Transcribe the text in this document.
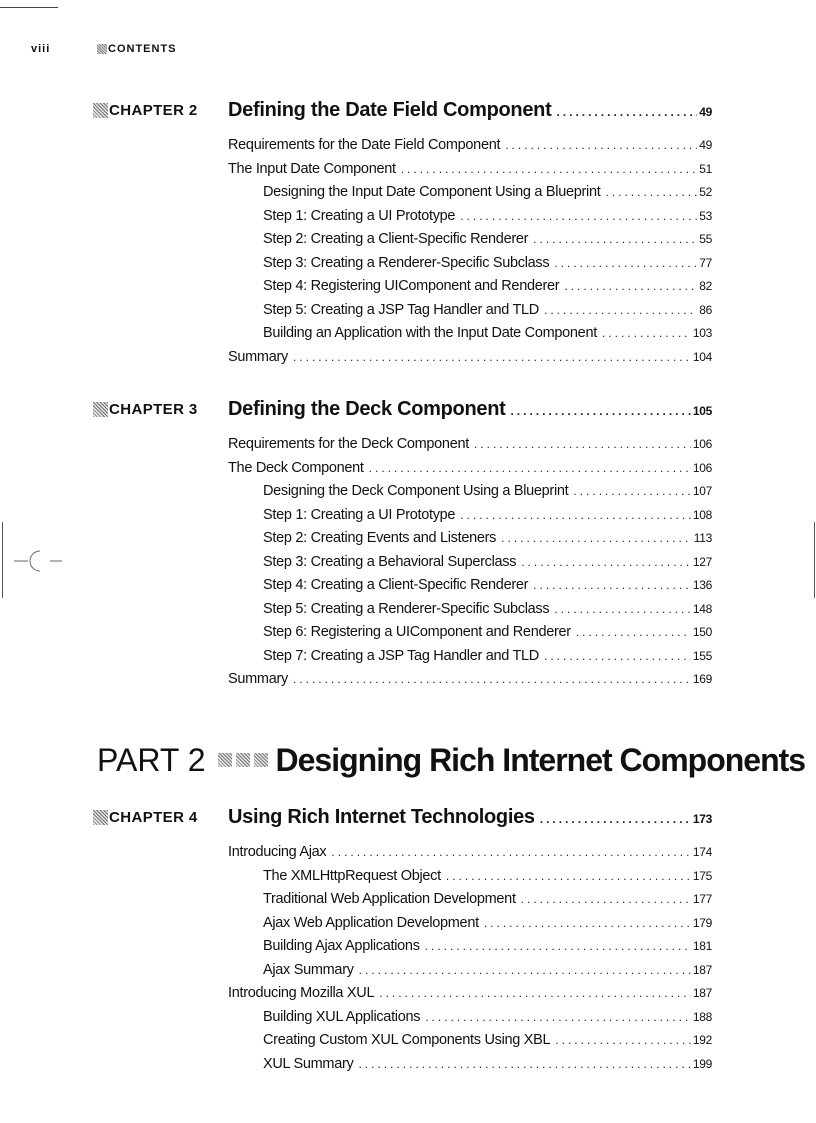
viii	CONTENTS
CHAPTER 2 Defining the Date Field Component .....	49
Requirements for the Date Field Component .....	49
The Input Date Component .....	51
Designing the Input Date Component Using a Blueprint .....	52
Step 1: Creating a UI Prototype .....	53
Step 2: Creating a Client-Specific Renderer .....	55
Step 3: Creating a Renderer-Specific Subclass .....	77
Step 4: Registering UIComponent and Renderer .....	82
Step 5: Creating a JSP Tag Handler and TLD .....	86
Building an Application with the Input Date Component .....	103
Summary .....	104
CHAPTER 3 Defining the Deck Component .....	105
Requirements for the Deck Component .....	106
The Deck Component .....	106
Designing the Deck Component Using a Blueprint .....	107
Step 1: Creating a UI Prototype .....	108
Step 2: Creating Events and Listeners .....	113
Step 3: Creating a Behavioral Superclass .....	127
Step 4: Creating a Client-Specific Renderer .....	136
Step 5: Creating a Renderer-Specific Subclass .....	148
Step 6: Registering a UIComponent and Renderer .....	150
Step 7: Creating a JSP Tag Handler and TLD .....	155
Summary .....	169
PART 2 Designing Rich Internet Components
CHAPTER 4 Using Rich Internet Technologies .....	173
Introducing Ajax .....	174
The XMLHttpRequest Object .....	175
Traditional Web Application Development .....	177
Ajax Web Application Development .....	179
Building Ajax Applications .....	181
Ajax Summary .....	187
Introducing Mozilla XUL .....	187
Building XUL Applications .....	188
Creating Custom XUL Components Using XBL .....	192
XUL Summary .....	199
